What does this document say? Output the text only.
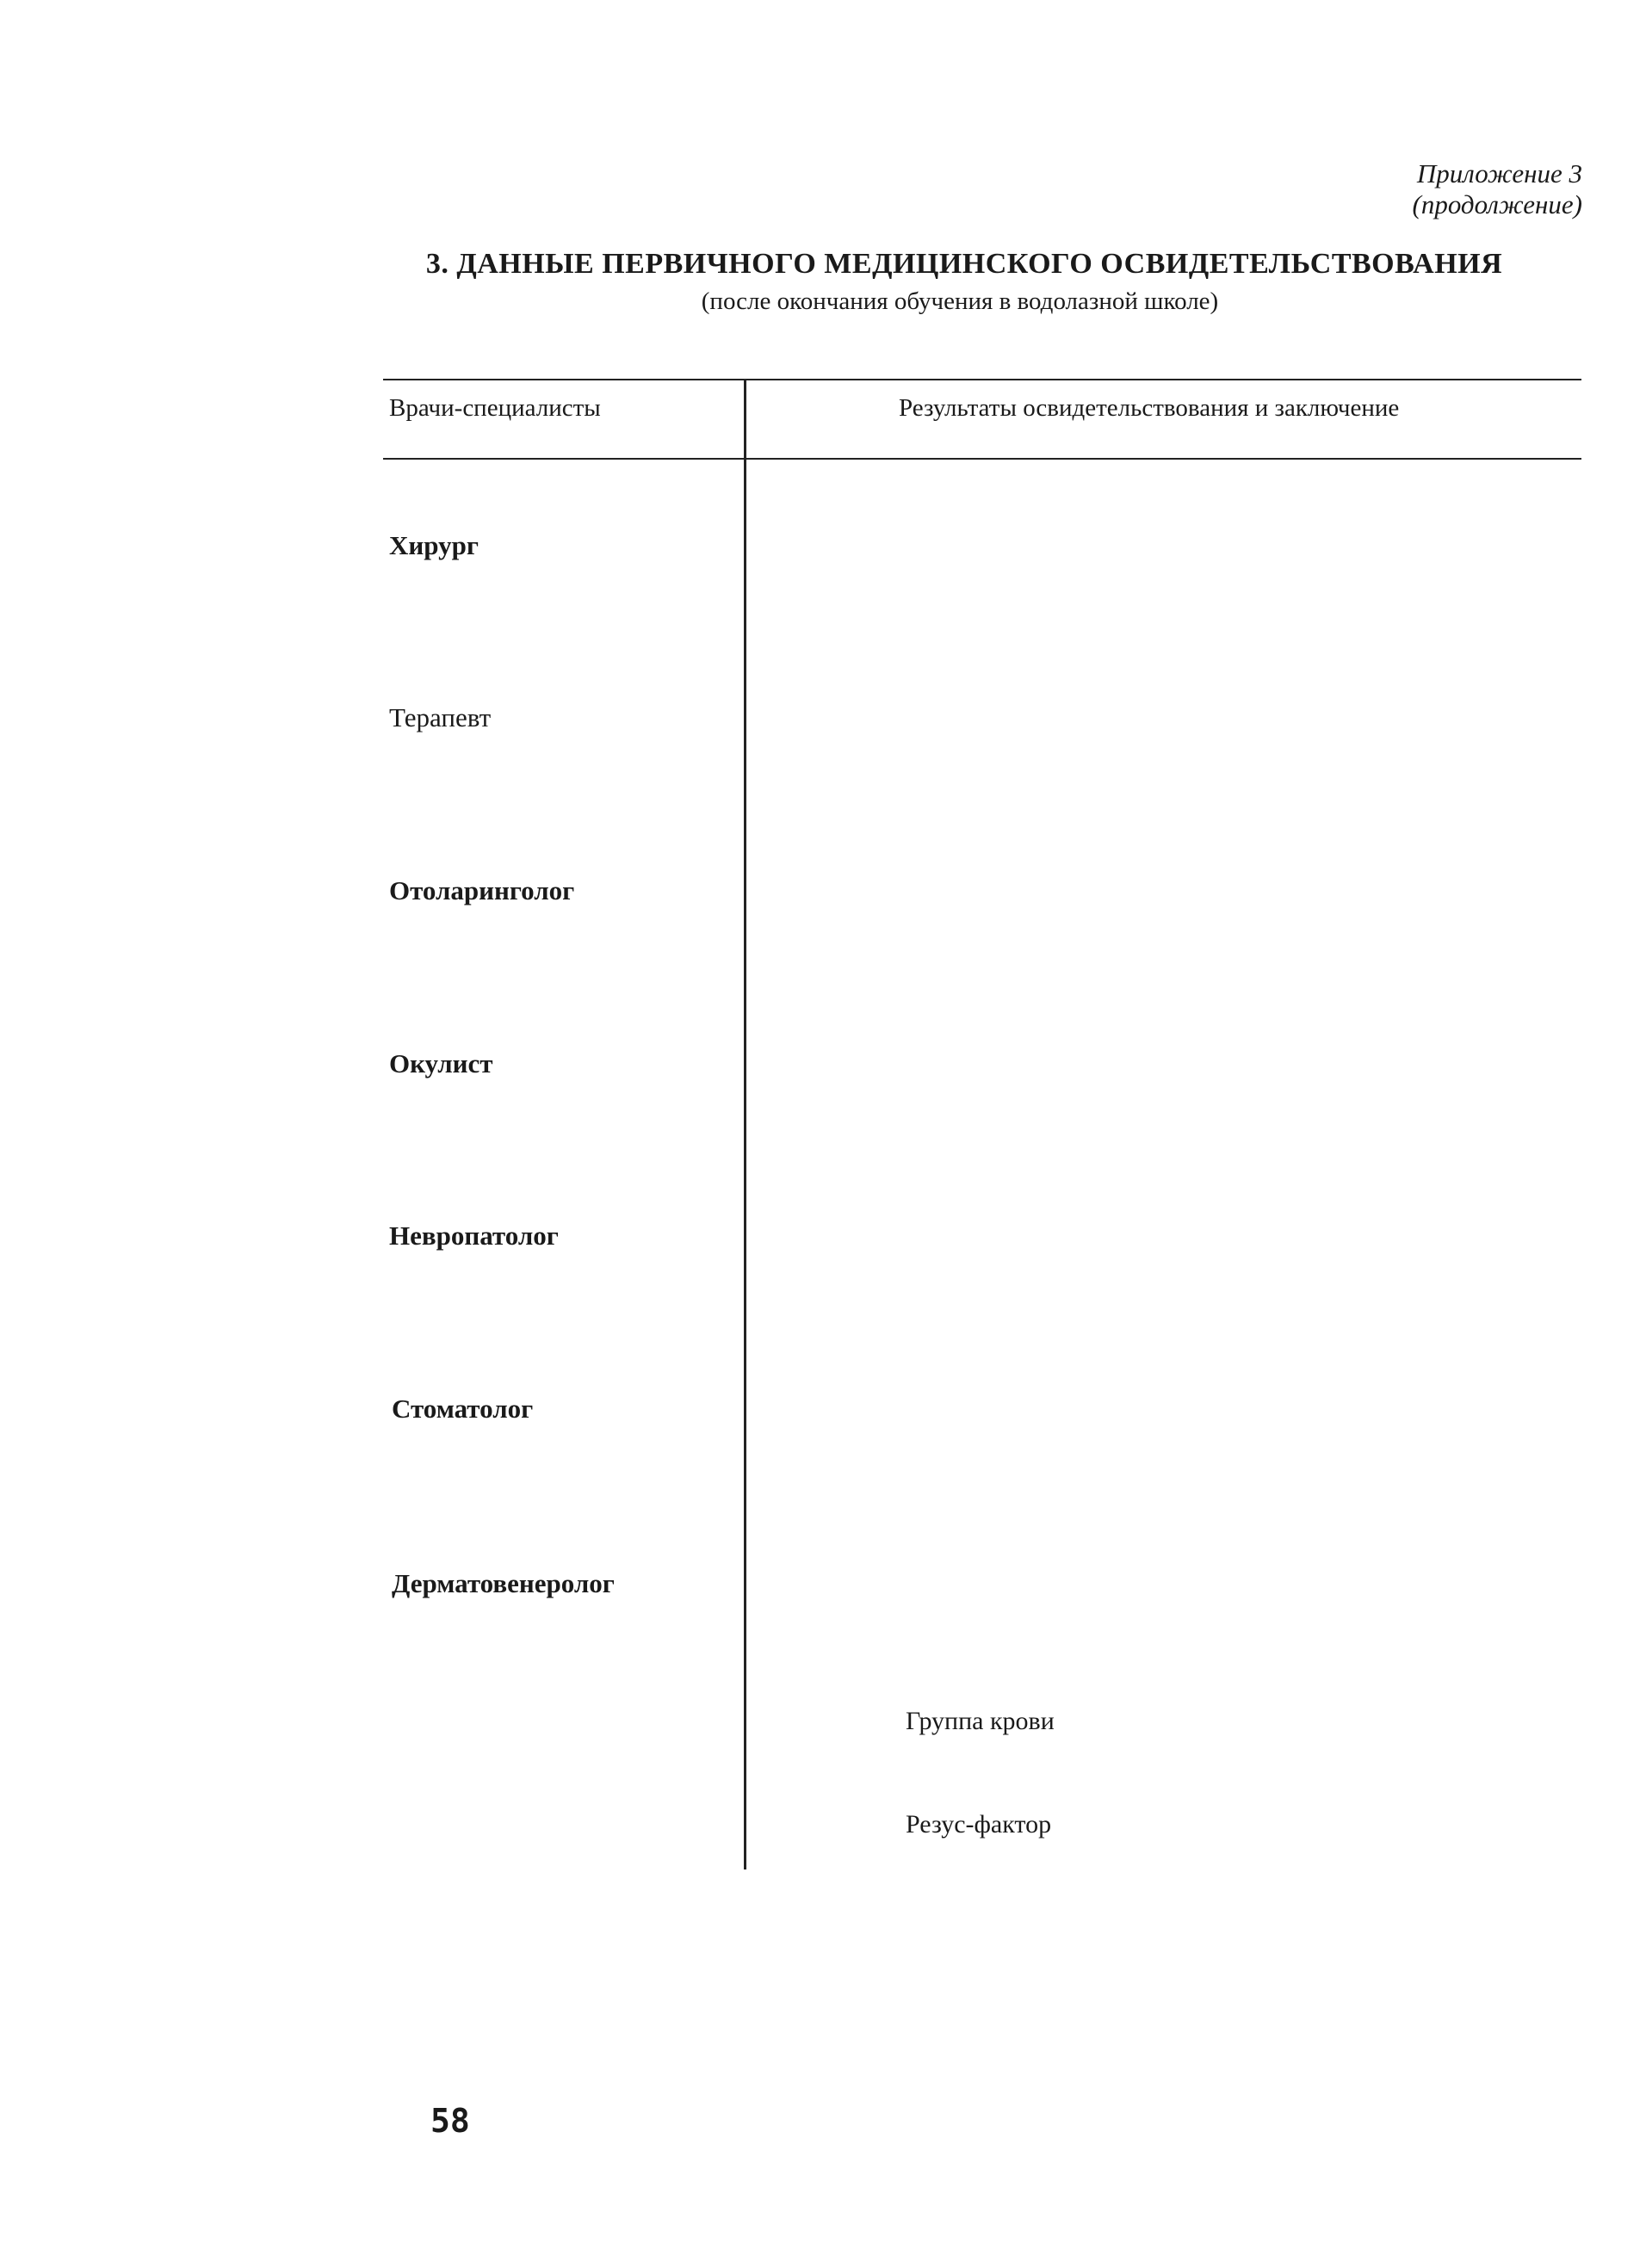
Приложение 3
(продолжение)
3. ДАННЫЕ ПЕРВИЧНОГО МЕДИЦИНСКОГО ОСВИДЕТЕЛЬСТВОВАНИЯ
(после окончания обучения в водолазной школе)
Врачи-специалисты	Результаты освидетельствования и заключение
Хирург
Терапевт
Отоларинголог
Окулист
Невропатолог
Стоматолог
Дерматовенеролог
Группа крови
Резус-фактор
58
